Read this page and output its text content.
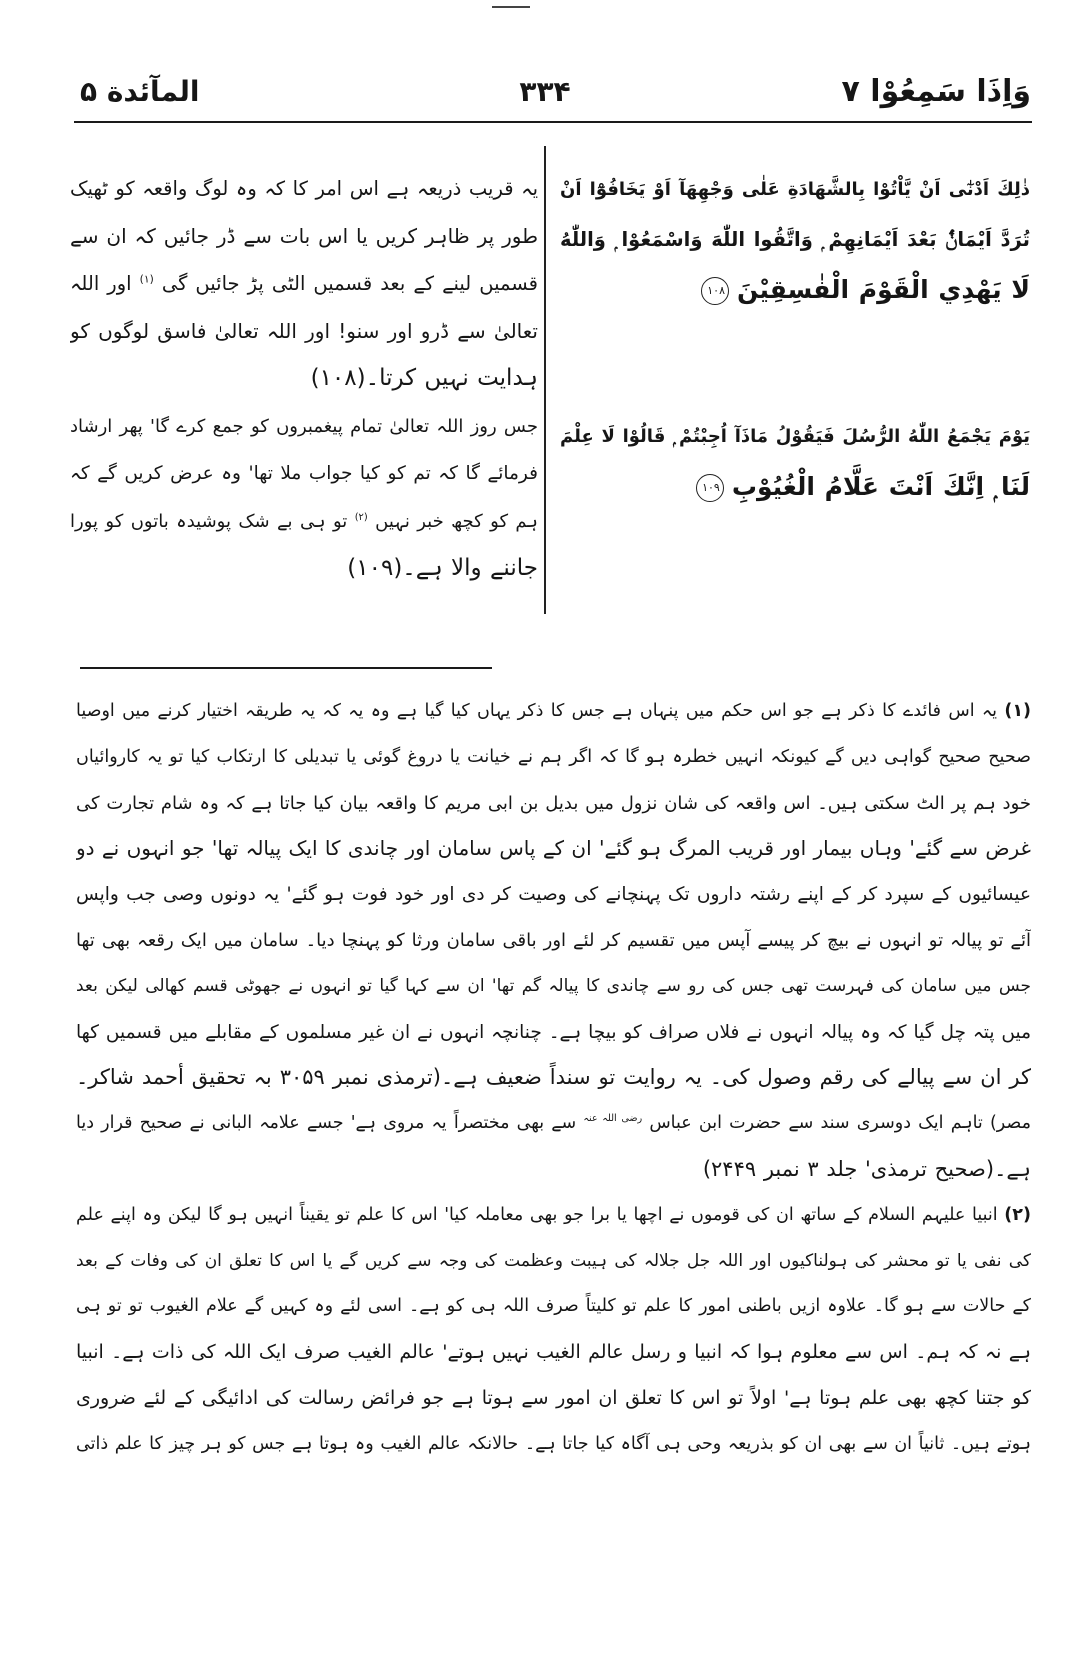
المآئدة ۵	۳۳۴	وَاِذَا سَمِعُوْا ۷
یہ قریب ذریعہ ہے اس امر کا کہ وہ لوگ واقعہ کو ٹھیک
طور پر ظاہر کریں یا اس بات سے ڈر جائیں کہ ان سے
قسمیں لینے کے بعد قسمیں الٹی پڑ جائیں گی $^{(۱)}$ اور اللہ
تعالیٰ سے ڈرو اور سنو! اور اللہ تعالیٰ فاسق لوگوں کو
ہدایت نہیں کرتا۔(۱۰۸)
جس روز اللہ تعالیٰ تمام پیغمبروں کو جمع کرے گا' پھر ارشاد
فرمائے گا کہ تم کو کیا جواب ملا تھا' وہ عرض کریں گے کہ
ہم کو کچھ خبر نہیں $^{(۲)}$ تو ہی بے شک پوشیدہ باتوں کو پورا
جاننے والا ہے۔(۱۰۹)
ذٰلِكَ اَدْنٰٓى اَنْ يَّاْتُوْا بِالشَّهَادَةِ عَلٰى وَجْهِهَآ اَوْ يَخَافُوْٓا اَنْ
تُرَدَّ اَيْمَانٌۢ بَعْدَ اَيْمَانِهِمْ ۭ وَاتَّقُوا اللّٰهَ وَاسْمَعُوْا ۭ وَاللّٰهُ
لَا يَهْدِي الْقَوْمَ الْفٰسِقِيْنَ۱۰۸
يَوْمَ يَجْمَعُ اللّٰهُ الرُّسُلَ فَيَقُوْلُ مَاذَآ اُجِبْتُمْ ۭ قَالُوْا لَا عِلْمَ
لَنَا ۭ اِنَّكَ اَنْتَ عَلَّامُ الْغُيُوْبِ۱۰۹
(۱) یہ اس فائدے کا ذکر ہے جو اس حکم میں پنہاں ہے جس کا ذکر یہاں کیا گیا ہے وہ یہ کہ یہ طریقہ اختیار کرنے میں اوصیا
صحیح صحیح گواہی دیں گے کیونکہ انہیں خطرہ ہو گا کہ اگر ہم نے خیانت یا دروغ گوئی یا تبدیلی کا ارتکاب کیا تو یہ کاروائیاں
خود ہم پر الٹ سکتی ہیں۔ اس واقعہ کی شان نزول میں بدیل بن ابی مریم کا واقعہ بیان کیا جاتا ہے کہ وہ شام تجارت کی
غرض سے گئے' وہاں بیمار اور قریب المرگ ہو گئے' ان کے پاس سامان اور چاندی کا ایک پیالہ تھا' جو انہوں نے دو
عیسائیوں کے سپرد کر کے اپنے رشتہ داروں تک پہنچانے کی وصیت کر دی اور خود فوت ہو گئے' یہ دونوں وصی جب واپس
آئے تو پیالہ تو انہوں نے بیچ کر پیسے آپس میں تقسیم کر لئے اور باقی سامان ورثا کو پہنچا دیا۔ سامان میں ایک رقعہ بھی تھا
جس میں سامان کی فہرست تھی جس کی رو سے چاندی کا پیالہ گم تھا' ان سے کہا گیا تو انہوں نے جھوٹی قسم کھالی لیکن بعد
میں پتہ چل گیا کہ وہ پیالہ انہوں نے فلاں صراف کو بیچا ہے۔ چنانچہ انہوں نے ان غیر مسلموں کے مقابلے میں قسمیں کھا
کر ان سے پیالے کی رقم وصول کی۔ یہ روایت تو سنداً ضعیف ہے۔(ترمذی نمبر ۳۰۵۹ بہ تحقیق أحمد شاکر۔
مصر) تاہم ایک دوسری سند سے حضرت ابن عباس $^{رضی اللہ عنہ}$ سے بھی مختصراً یہ مروی ہے' جسے علامہ البانی نے صحیح قرار دیا
ہے۔(صحیح ترمذی' جلد ۳ نمبر ۲۴۴۹)
(۲) انبیا علیہم السلام کے ساتھ ان کی قوموں نے اچھا یا برا جو بھی معاملہ کیا' اس کا علم تو یقیناً انہیں ہو گا لیکن وہ اپنے علم
کی نفی یا تو محشر کی ہولناکیوں اور اللہ جل جلالہ کی ہیبت وعظمت کی وجہ سے کریں گے یا اس کا تعلق ان کی وفات کے بعد
کے حالات سے ہو گا۔ علاوہ ازیں باطنی امور کا علم تو کلیتاً صرف اللہ ہی کو ہے۔ اسی لئے وہ کہیں گے علام الغیوب تو تو ہی
ہے نہ کہ ہم۔ اس سے معلوم ہوا کہ انبیا و رسل عالم الغیب نہیں ہوتے' عالم الغیب صرف ایک اللہ کی ذات ہے۔ انبیا
کو جتنا کچھ بھی علم ہوتا ہے' اولاً تو اس کا تعلق ان امور سے ہوتا ہے جو فرائض رسالت کی ادائیگی کے لئے ضروری
ہوتے ہیں۔ ثانیاً ان سے بھی ان کو بذریعہ وحی ہی آگاہ کیا جاتا ہے۔ حالانکہ عالم الغیب وہ ہوتا ہے جس کو ہر چیز کا علم ذاتی
